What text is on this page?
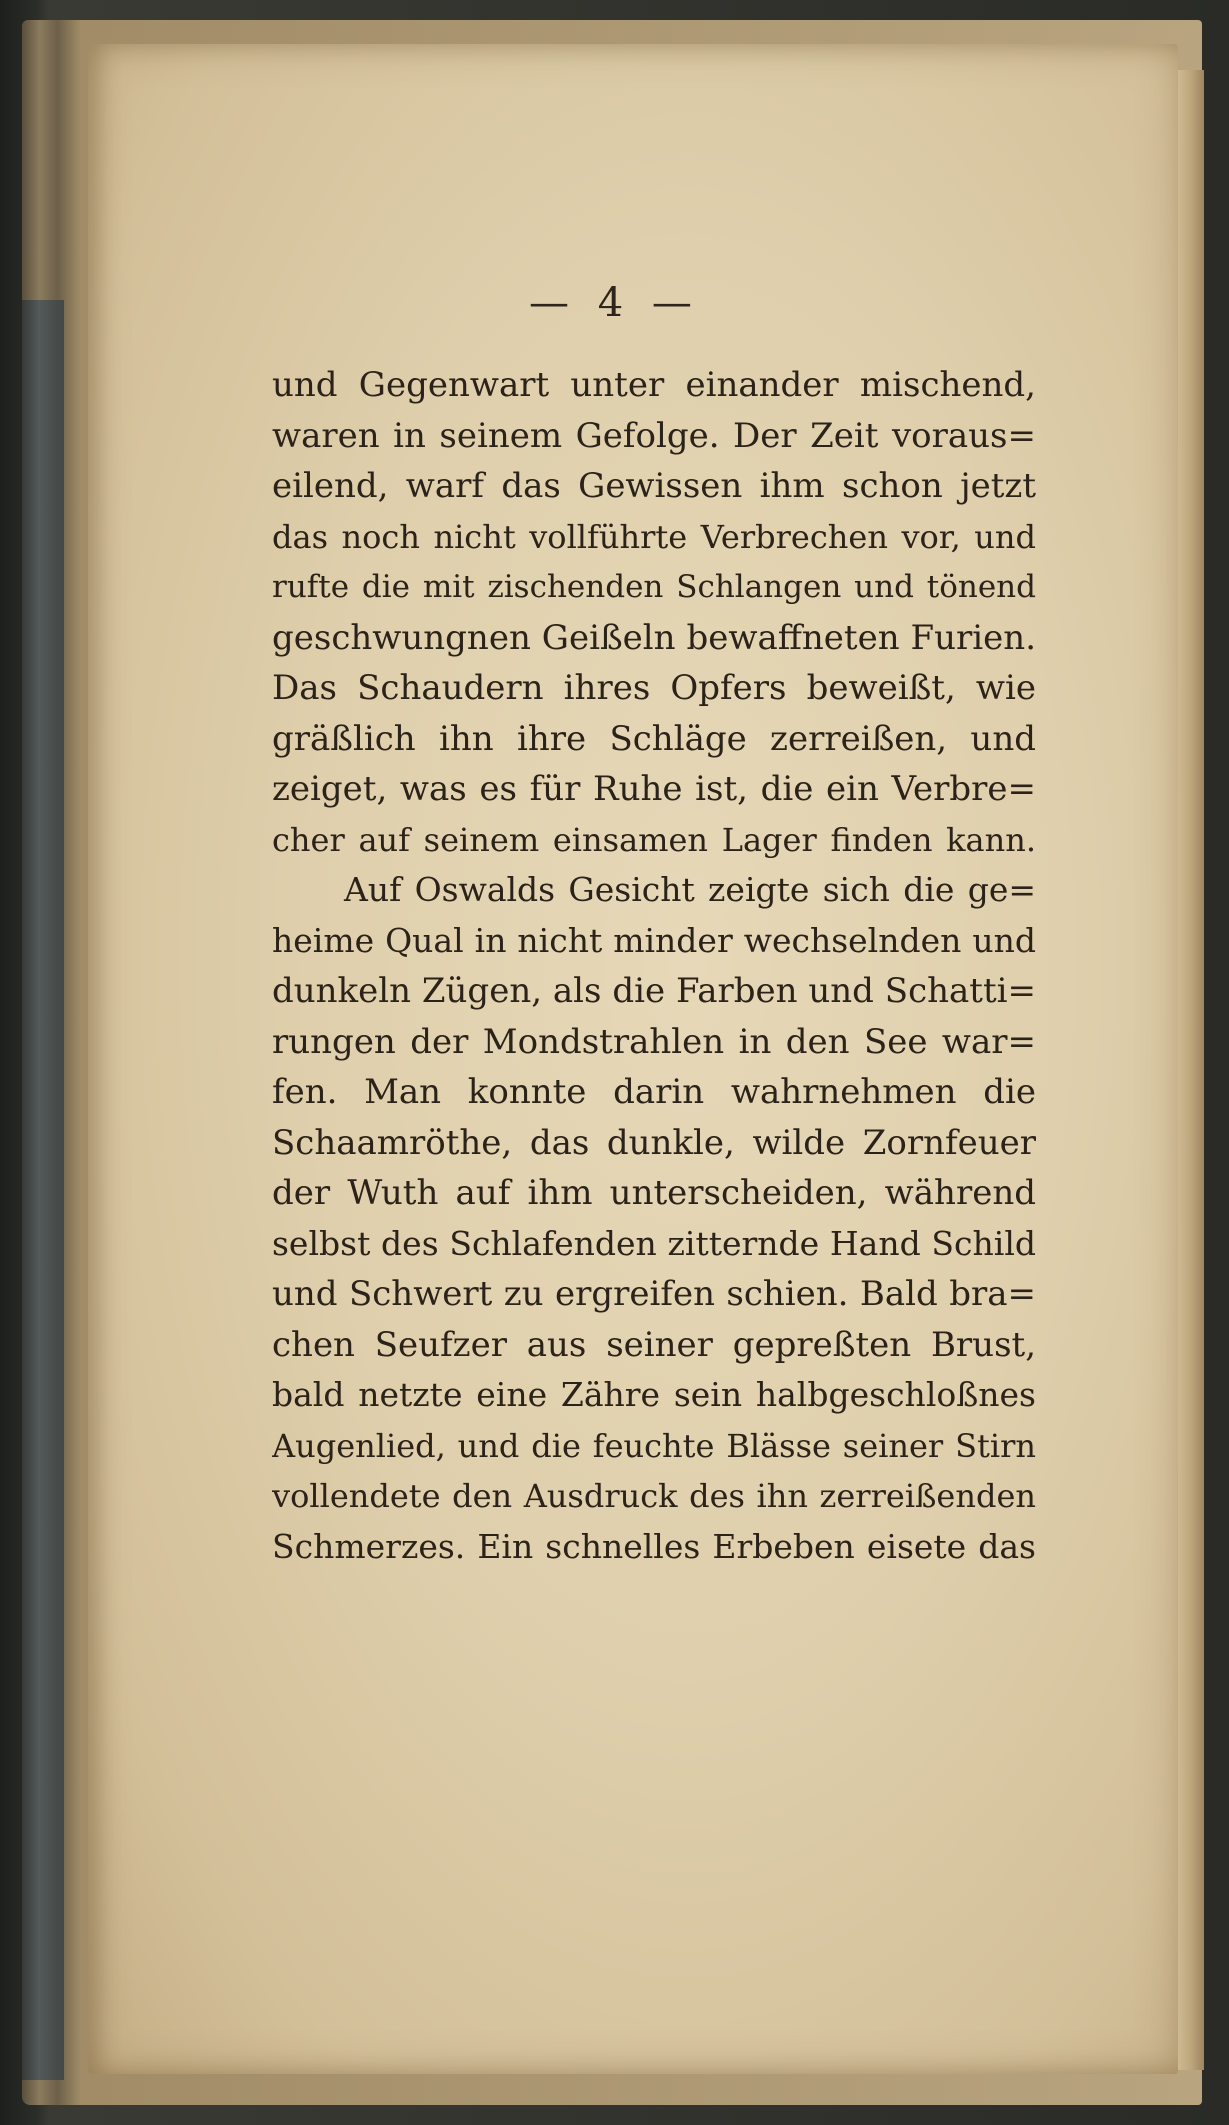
— 4 —
und Gegenwart unter einander mischend,
waren in seinem Gefolge. Der Zeit voraus=
eilend, warf das Gewissen ihm schon jetzt
das noch nicht vollführte Verbrechen vor, und
rufte die mit zischenden Schlangen und tönend
geschwungnen Geißeln bewaffneten Furien.
Das Schaudern ihres Opfers beweißt, wie
gräßlich ihn ihre Schläge zerreißen, und
zeiget, was es für Ruhe ist, die ein Verbre=
cher auf seinem einsamen Lager finden kann.
Auf Oswalds Gesicht zeigte sich die ge=
heime Qual in nicht minder wechselnden und
dunkeln Zügen, als die Farben und Schatti=
rungen der Mondstrahlen in den See war=
fen. Man konnte darin wahrnehmen die
Schaamröthe, das dunkle, wilde Zornfeuer
der Wuth auf ihm unterscheiden, während
selbst des Schlafenden zitternde Hand Schild
und Schwert zu ergreifen schien. Bald bra=
chen Seufzer aus seiner gepreßten Brust,
bald netzte eine Zähre sein halbgeschloßnes
Augenlied, und die feuchte Blässe seiner Stirn
vollendete den Ausdruck des ihn zerreißenden
Schmerzes. Ein schnelles Erbeben eisete das
